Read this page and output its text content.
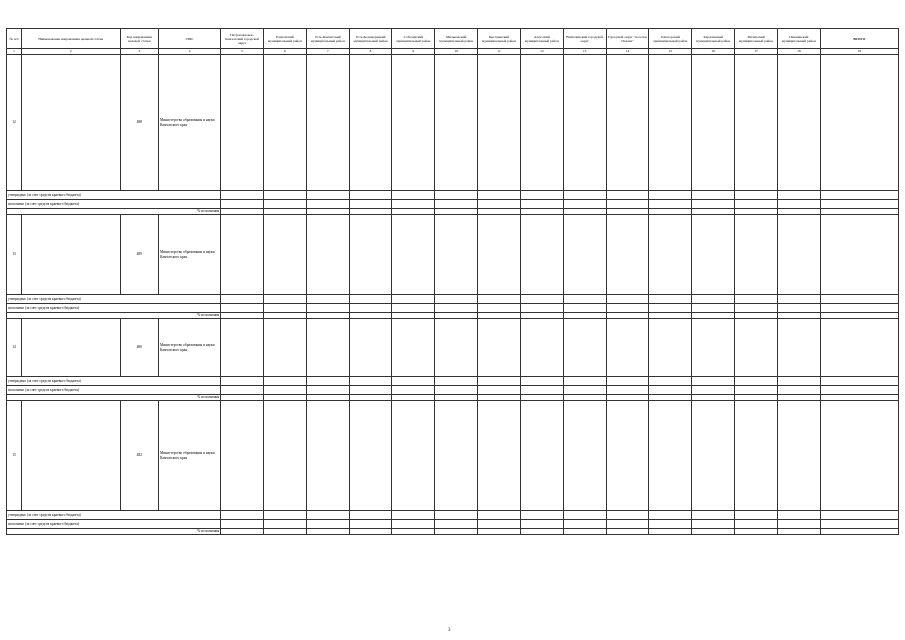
№ п/п	Наименование направления целевой статьи	Код направления целевой статьи	ГРБС	Петропавловск-Камчатский городской округ	Елизовский муниципальный район	Усть-Камчатский муниципальный район	Усть-Большерецкий муниципальный район	Соболевский муниципальный район	Мильковский муниципальный район	Быстринский муниципальный район	Алеутский муниципальный район	Вилючинский городской округ	Городской округ "поселок Палана"	Олюторский муниципальный район	Карагинский муниципальный район	Тигильский муниципальный район	Пенжинский муниципальный район	ВСЕГО
1	2	3	4	5	6	7	8	9	10	11	12	13	14	15	16	17	18	19
12		488	Министерство образования и науки Камчатского края															
утверждено (за счет средств краевого бюджета)																		
исполнено (за счет средств краевого бюджета)																		
% исполнения																		
13		489	Министерство образования и науки Камчатского края															
утверждено (за счет средств краевого бюджета)																		
исполнено (за счет средств краевого бюджета)																		
% исполнения																		
14		480	Министерство образования и науки Камчатского края															
утверждено (за счет средств краевого бюджета)																		
исполнено (за счет средств краевого бюджета)																		
% исполнения																		
15		482	Министерство образования и науки Камчатского края															
утверждено (за счет средств краевого бюджета)																		
исполнено (за счет средств краевого бюджета)																		
% исполнения																		
3
